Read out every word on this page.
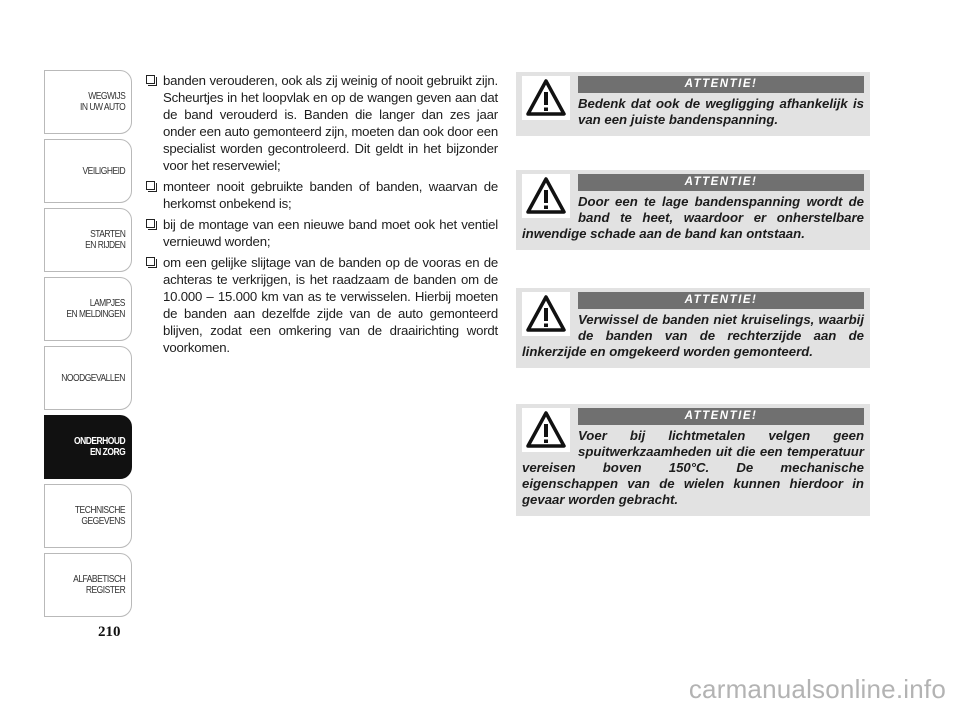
WEGWIJS
IN UW AUTO
VEILIGHEID
STARTEN
EN RIJDEN
LAMPJES
EN MELDINGEN
NOODGEVALLEN
ONDERHOUD
EN ZORG
TECHNISCHE
GEGEVENS
ALFABETISCH
REGISTER
210
banden verouderen, ook als zij weinig of nooit gebruikt zijn. Scheurtjes in het loopvlak en op de wangen geven aan dat de band verouderd is. Banden die langer dan zes jaar onder een auto gemonteerd zijn, moeten dan ook door een specialist worden gecontroleerd. Dit geldt in het bijzonder voor het reservewiel;
monteer nooit gebruikte banden of banden, waarvan de herkomst onbekend is;
bij de montage van een nieuwe band moet ook het ventiel vernieuwd worden;
om een gelijke slijtage van de banden op de vooras en de achteras te verkrijgen, is het raadzaam de banden om de 10.000 – 15.000 km van as te verwisselen. Hierbij moeten de banden aan dezelfde zijde van de auto gemonteerd blijven, zodat een omkering van de draairichting wordt voorkomen.
ATTENTIE!
Bedenk dat ook de wegligging afhankelijk is van een juiste bandenspanning.
ATTENTIE!
Door een te lage bandenspanning wordt de band te heet, waardoor er onherstelbare inwendige schade aan de band kan ontstaan.
ATTENTIE!
Verwissel de banden niet kruiselings, waarbij de banden van de rechterzijde aan de linkerzijde en omgekeerd worden gemonteerd.
ATTENTIE!
Voer bij lichtmetalen velgen geen spuitwerkzaamheden uit die een temperatuur vereisen boven 150°C. De mechanische eigenschappen van de wielen kunnen hierdoor in gevaar worden gebracht.
carmanualsonline.info
